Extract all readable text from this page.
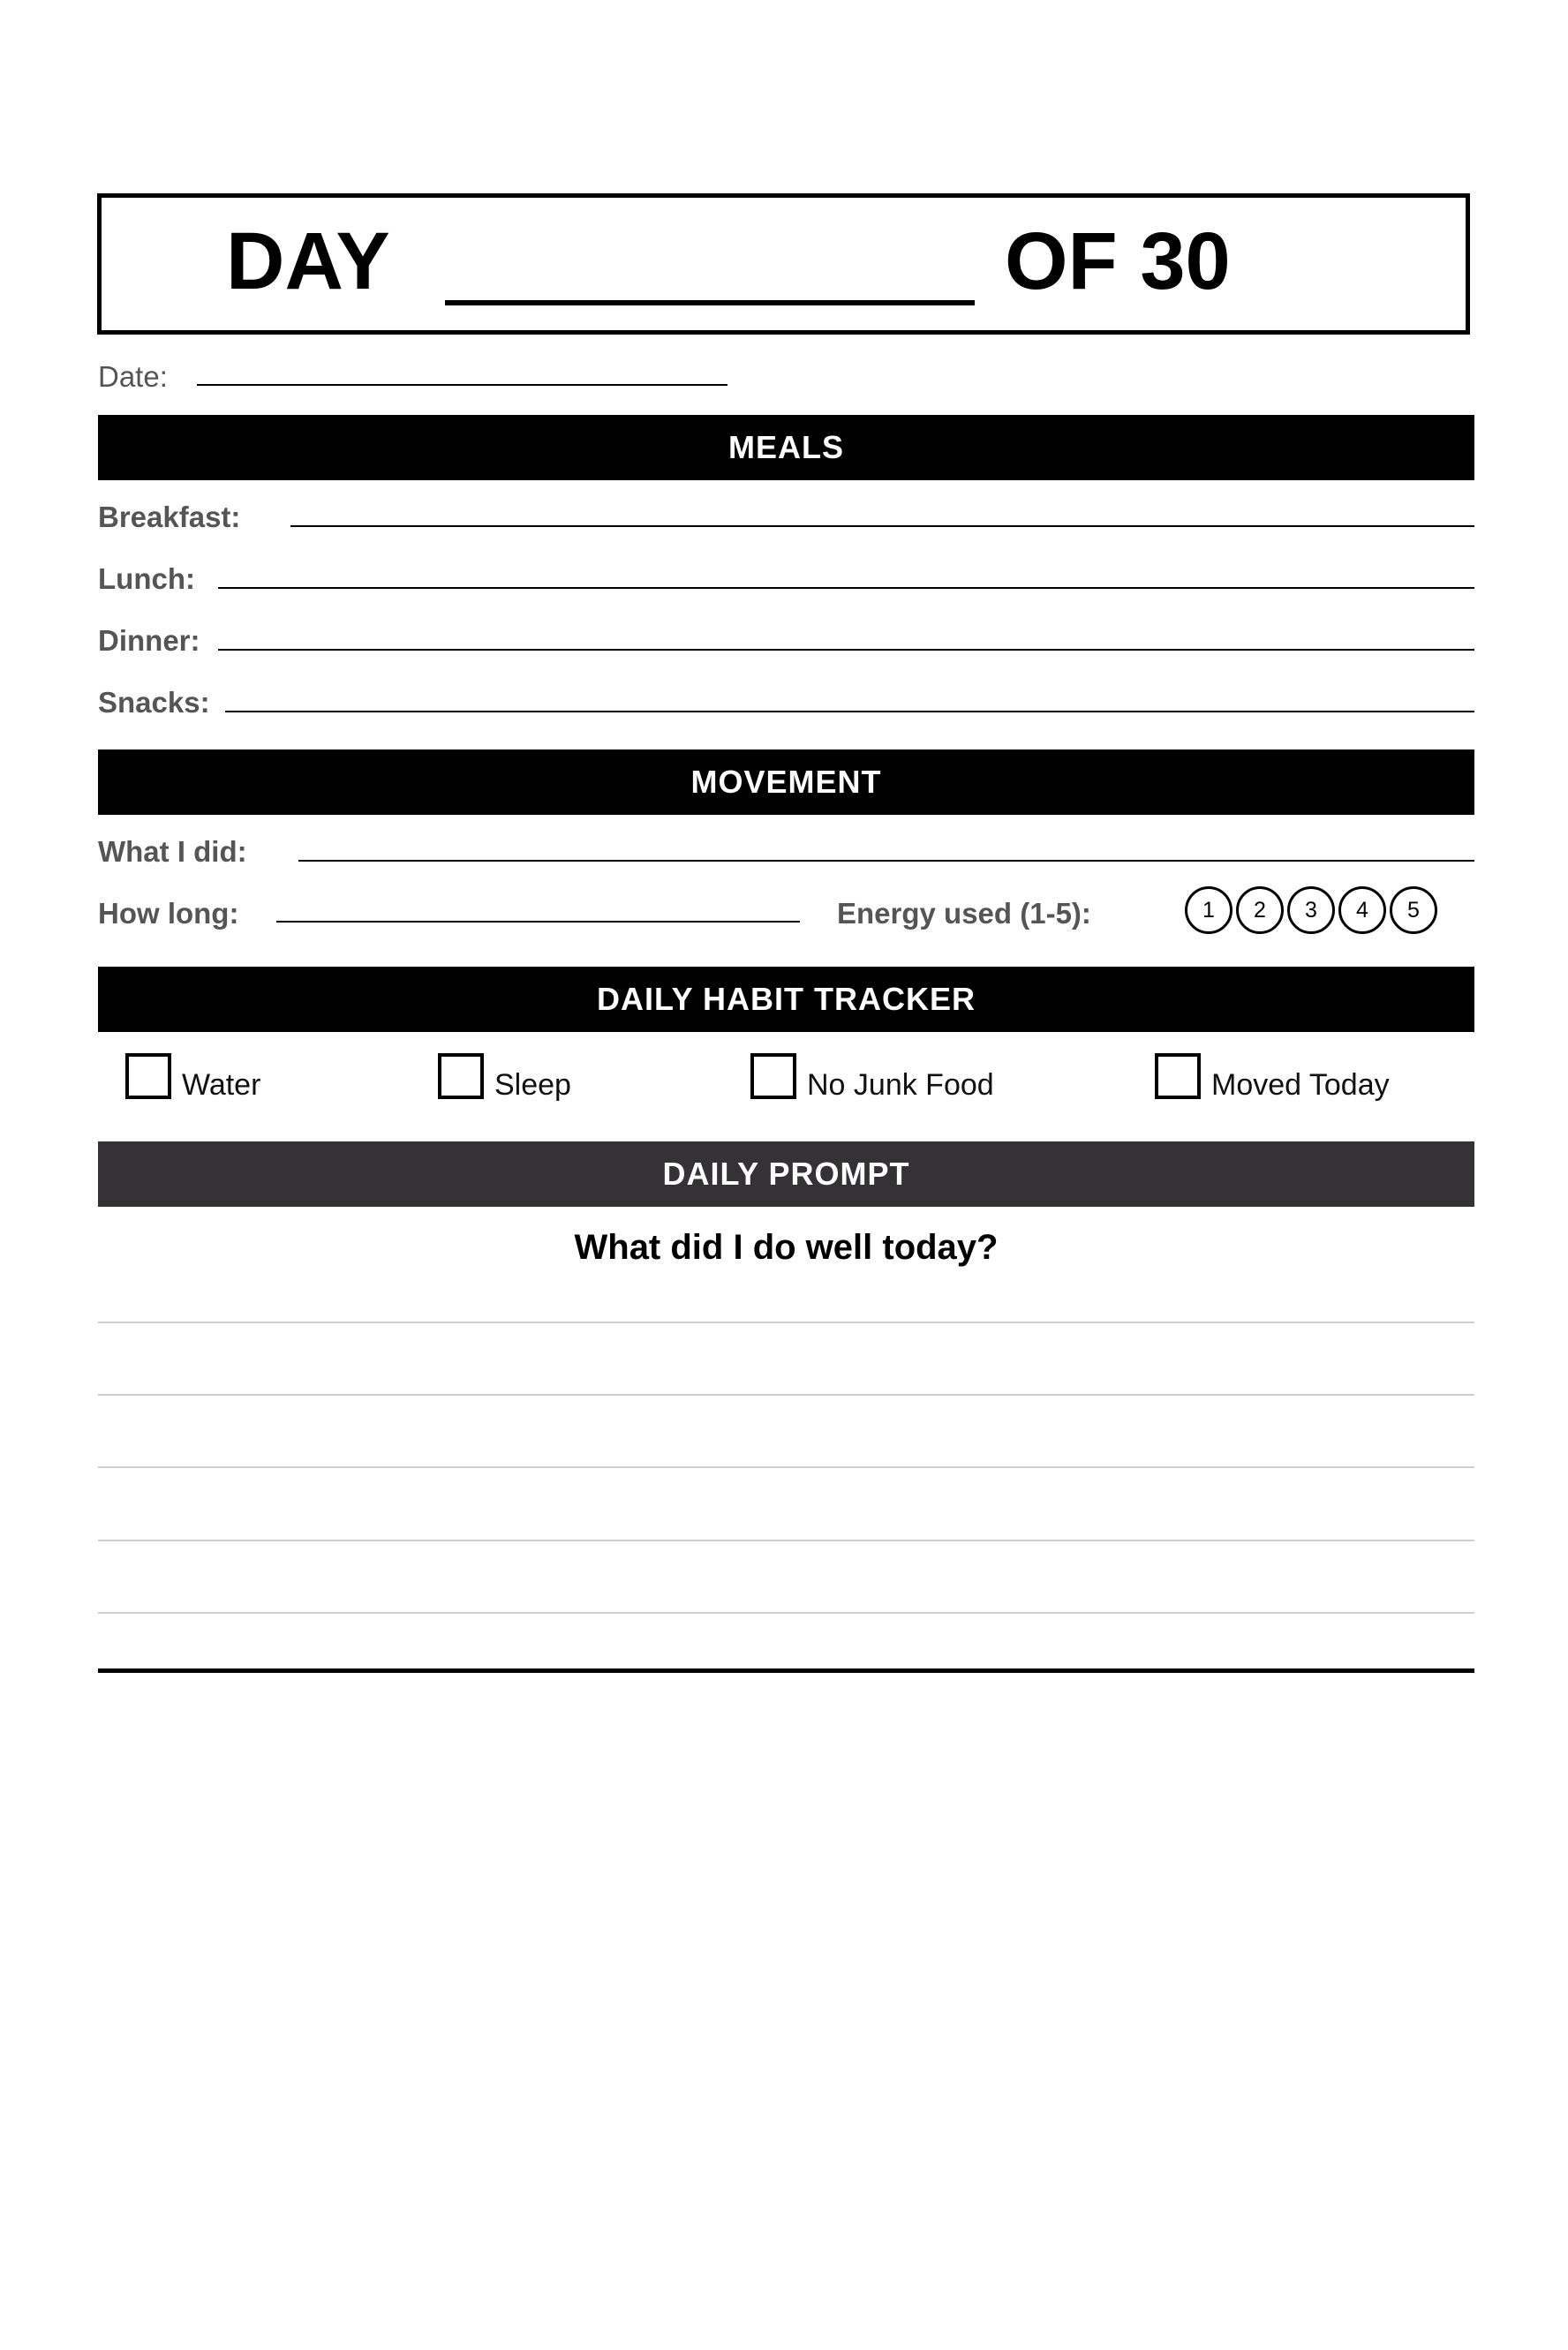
DAY	OF 30
Date:
MEALS
Breakfast:
Lunch:
Dinner:
Snacks:
MOVEMENT
What I did:
How long:	Energy used (1-5):	1 2 3 4 5
DAILY HABIT TRACKER
Water	Sleep	No Junk Food	Moved Today
DAILY PROMPT
What did I do well today?
